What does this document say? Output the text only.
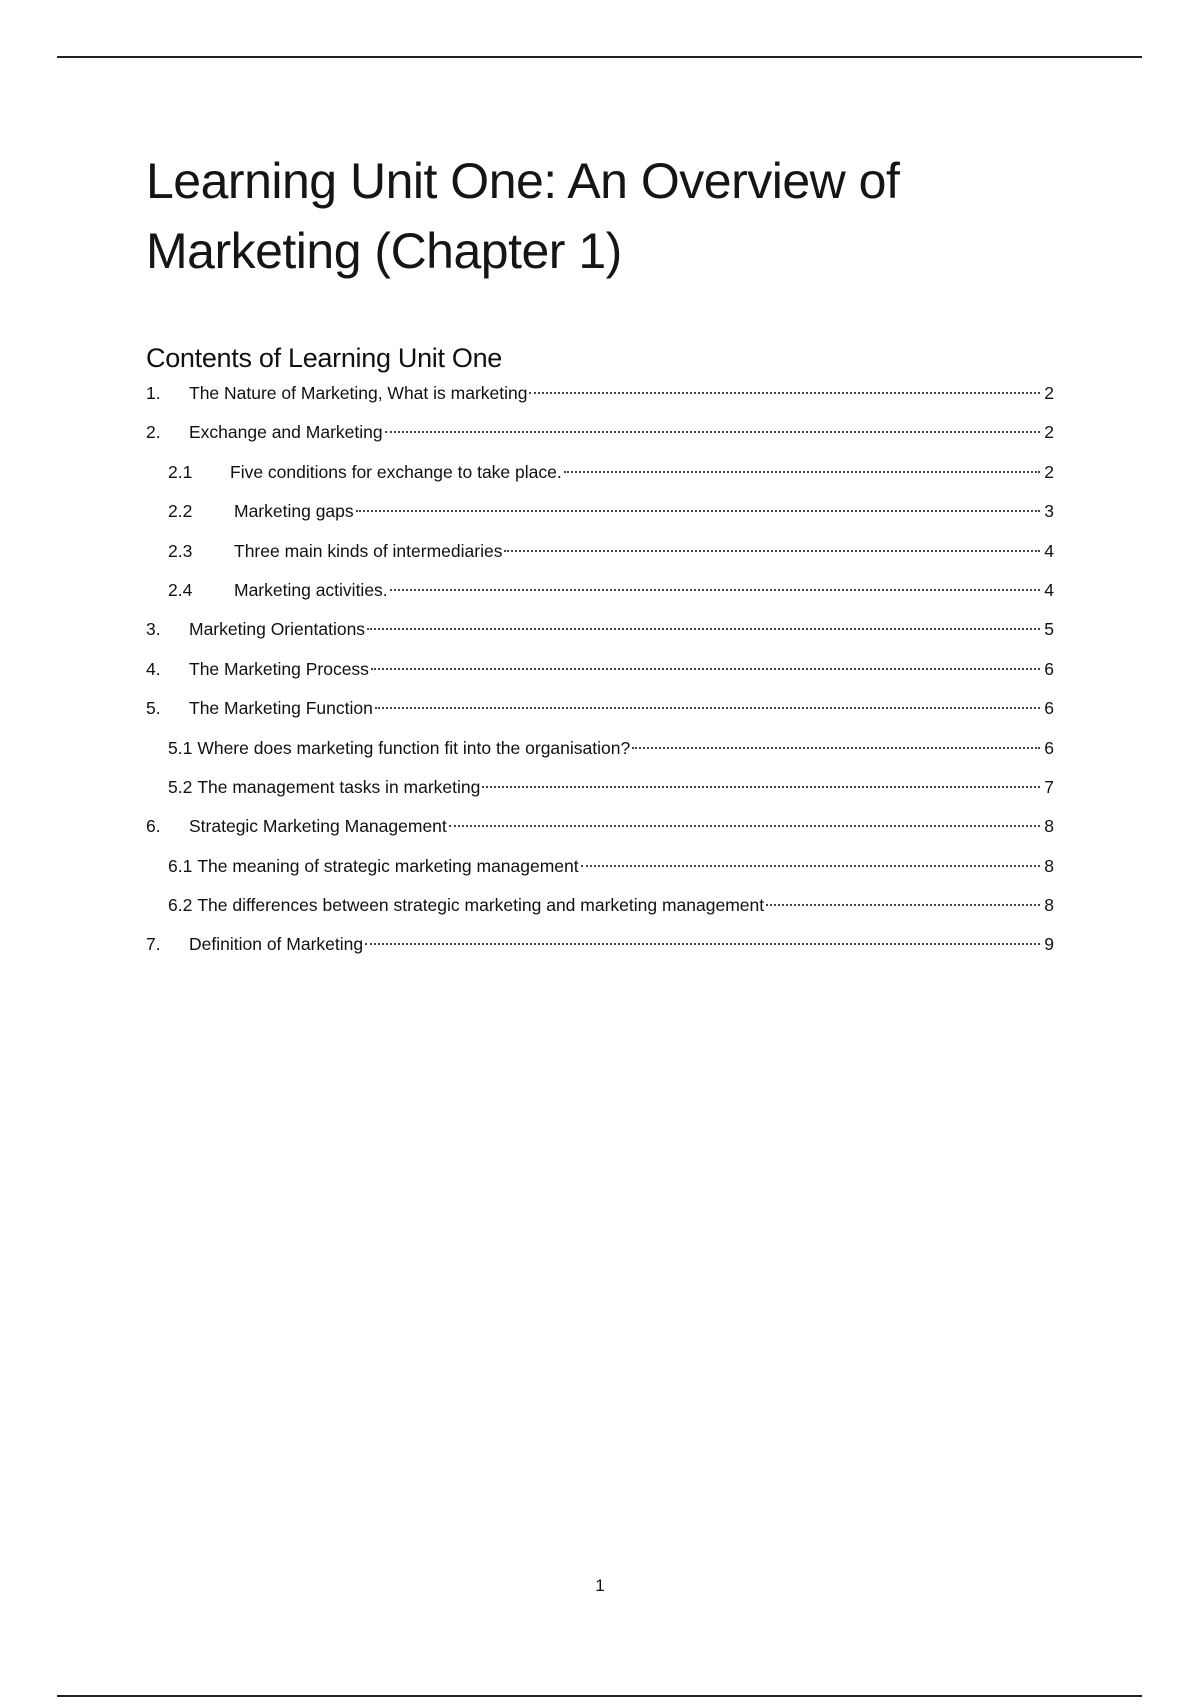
Learning Unit One: An Overview of Marketing (Chapter 1)
Contents of Learning Unit One
1.	The Nature of Marketing, What is marketing	2
2.	Exchange and Marketing	2
2.1	Five conditions for exchange to take place.	2
2.2	Marketing gaps	3
2.3	Three main kinds of intermediaries	4
2.4	Marketing activities.	4
3.	Marketing Orientations	5
4.	The Marketing Process	6
5.	The Marketing Function	6
5.1 Where does marketing function fit into the organisation?	6
5.2 The management tasks in marketing	7
6.	Strategic Marketing Management	8
6.1 The meaning of strategic marketing management	8
6.2 The differences between strategic marketing and marketing management	8
7.	Definition of Marketing	9
1
